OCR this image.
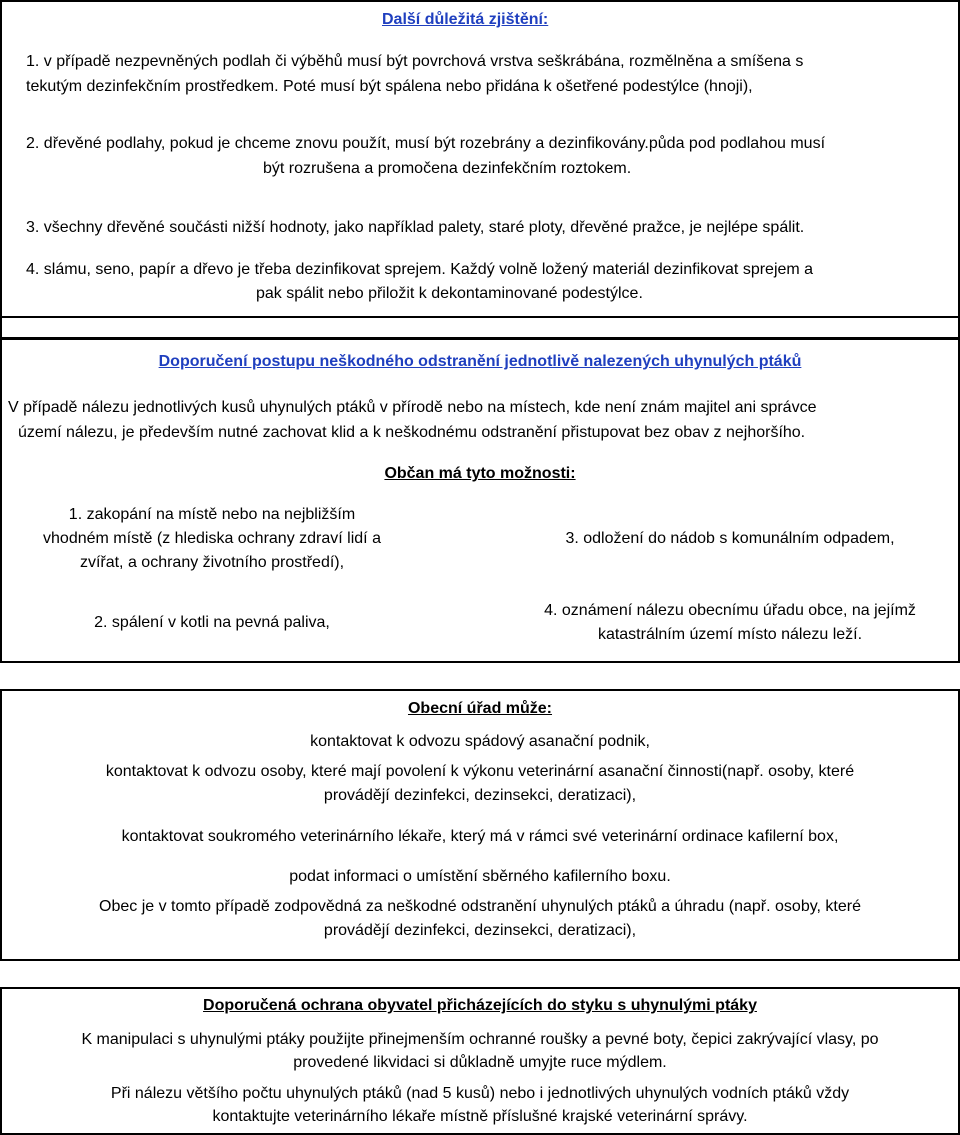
Další důležitá zjištění:
1. v případě nezpevněných podlah či výběhů musí být povrchová vrstva seškrábána, rozmělněna a smíšena s
tekutým dezinfekčním prostředkem. Poté musí být spálena nebo přidána k ošetřené podestýlce (hnoji),
2. dřevěné podlahy, pokud je chceme znovu použít, musí být rozebrány a dezinfikovány.půda pod podlahou musí
být rozrušena a promočena dezinfekčním roztokem.
3. všechny dřevěné součásti nižší hodnoty, jako například palety, staré ploty, dřevěné pražce, je nejlépe spálit.
4. slámu, seno, papír a dřevo je třeba dezinfikovat sprejem. Každý volně ložený materiál dezinfikovat sprejem a
pak spálit nebo přiložit k dekontaminované podestýlce.
Doporučení postupu neškodného odstranění jednotlivě nalezených uhynulých ptáků
V případě nálezu jednotlivých kusů uhynulých ptáků v přírodě nebo na místech, kde není znám majitel ani správce
území nálezu, je především nutné zachovat klid a k neškodnému odstranění přistupovat bez obav z nejhoršího.
Občan má tyto možnosti:
1. zakopání na místě nebo na nejbližším
vhodném místě (z hlediska ochrany zdraví lidí a
zvířat, a ochrany životního prostředí),
2. spálení v kotli na pevná paliva,
3. odložení do nádob s komunálním odpadem,
4. oznámení nálezu obecnímu úřadu obce, na jejímž
katastrálním území místo nálezu leží.
Obecní úřad může:
kontaktovat k odvozu spádový asanační podnik,
kontaktovat k odvozu osoby, které mají povolení k výkonu veterinární asanační činnosti(např. osoby, které
provádějí dezinfekci, dezinsekci, deratizaci),
kontaktovat soukromého veterinárního lékaře, který má v rámci své veterinární ordinace kafilerní box,
podat informaci o umístění sběrného kafilerního boxu.
Obec je v tomto případě zodpovědná za neškodné odstranění uhynulých ptáků a úhradu (např. osoby, které
provádějí dezinfekci, dezinsekci, deratizaci),
Doporučená ochrana obyvatel přicházejících do styku s uhynulými ptáky
K manipulaci s uhynulými ptáky použijte přinejmenším ochranné roušky a pevné boty, čepici zakrývající vlasy, po
provedené likvidaci si důkladně umyjte ruce mýdlem.
Při nálezu většího počtu uhynulých ptáků (nad 5 kusů) nebo i jednotlivých uhynulých vodních ptáků vždy
kontaktujte veterinárního lékaře místně příslušné krajské veterinární správy.
